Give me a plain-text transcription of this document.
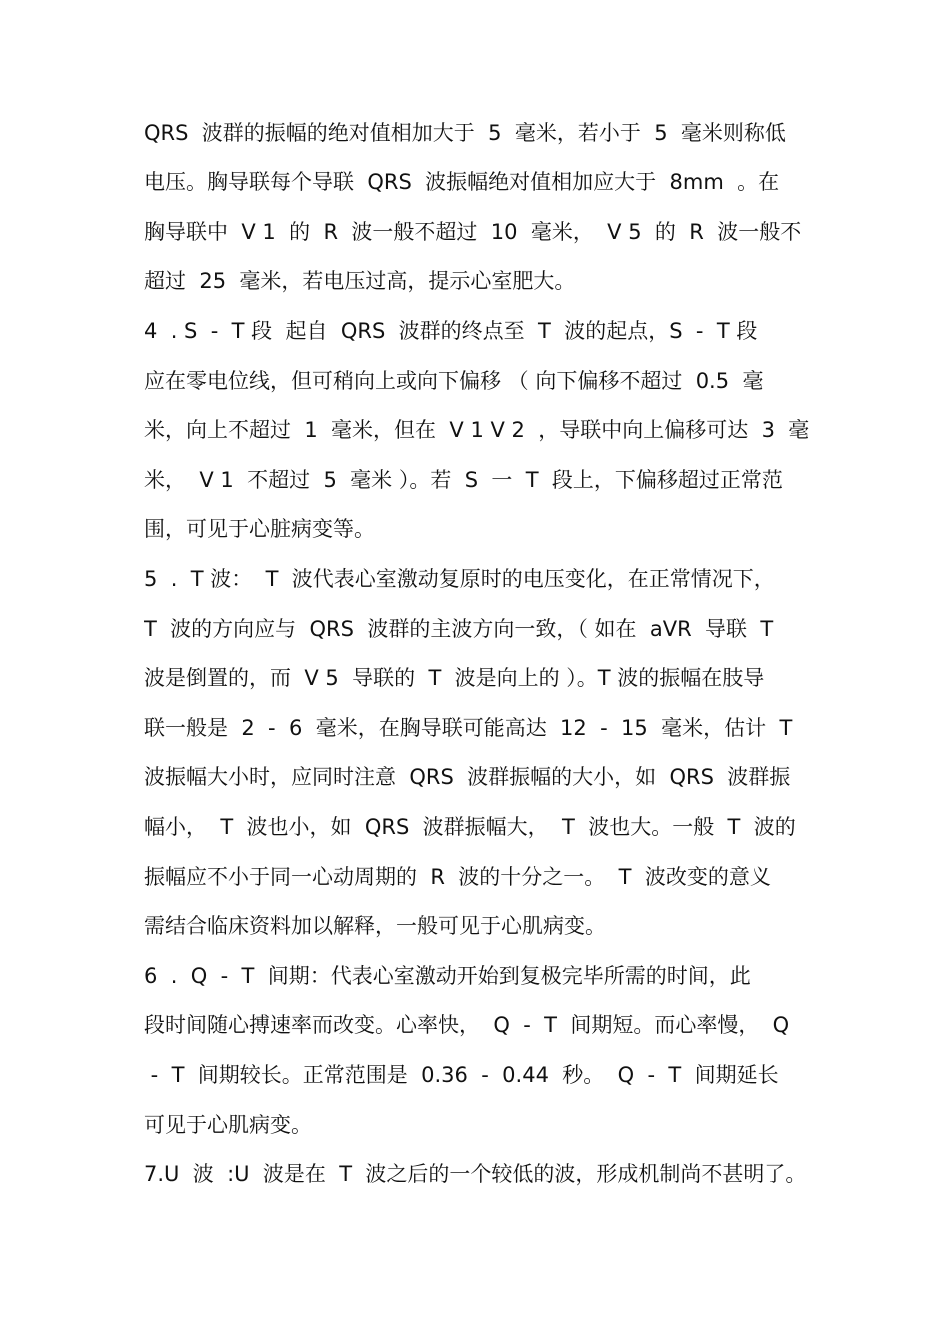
QRS  波群的振幅的绝对值相加大于  5  毫米，若小于  5  毫米则称低
电压。胸导联每个导联  QRS  波振幅绝对值相加应大于  8mm  。在
胸导联中  V 1  的  R  波一般不超过  10  毫米，  V 5  的  R  波一般不
超过  25  毫米，若电压过高，提示心室肥大。
4  . S  -  T 段  起自  QRS  波群的终点至  T  波的起点，S  -  T 段
应在零电位线，但可稍向上或向下偏移 （ 向下偏移不超过  0.5  毫
米，向上不超过  1  毫米，但在  V 1 V 2  ，导联中向上偏移可达  3  毫
米，  V 1  不超过  5  毫米 ）。若  S  一  T  段上，下偏移超过正常范
围，可见于心脏病变等。
5  .  T 波：  T  波代表心室激动复原时的电压变化，在正常情况下，
T  波的方向应与  QRS  波群的主波方向一致，（ 如在  aVR  导联  T
波是倒置的，而  V 5  导联的  T  波是向上的 ）。T 波的振幅在肢导
联一般是  2  -  6  毫米，在胸导联可能高达  12  -  15  毫米，估计  T
波振幅大小时，应同时注意  QRS  波群振幅的大小，如  QRS  波群振
幅小，  T  波也小，如  QRS  波群振幅大，  T  波也大。一般  T  波的
振幅应不小于同一心动周期的  R  波的十分之一。  T  波改变的意义
需结合临床资料加以解释，一般可见于心肌病变。
6  .  Q  -  T  间期：代表心室激动开始到复极完毕所需的时间，此
段时间随心搏速率而改变。心率快，  Q  -  T  间期短。而心率慢，  Q
-  T  间期较长。正常范围是  0.36  -  0.44  秒。  Q  -  T  间期延长
可见于心肌病变。
7.U  波  :U  波是在  T  波之后的一个较低的波，形成机制尚不甚明了。
